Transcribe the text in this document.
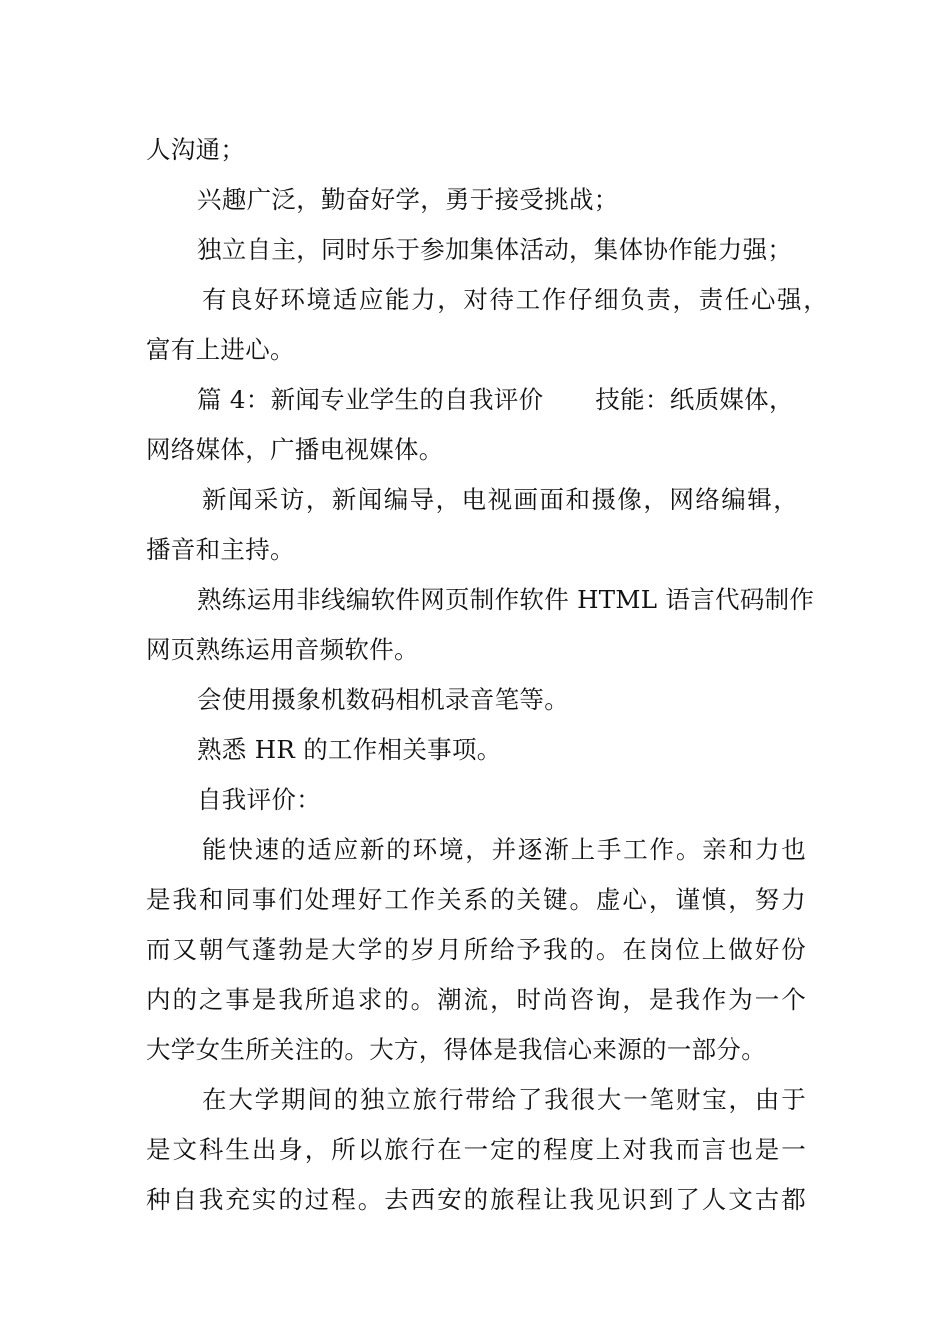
人沟通；
兴趣广泛，勤奋好学，勇于接受挑战；
独立自主，同时乐于参加集体活动，集体协作能力强；
有良好环境适应能力，对待工作仔细负责，责任心强，
富有上进心。
篇 4：新闻专业学生的自我评价 技能：纸质媒体，
网络媒体，广播电视媒体。
新闻采访，新闻编导，电视画面和摄像，网络编辑，
播音和主持。
熟练运用非线编软件网页制作软件 HTML 语言代码制作
网页熟练运用音频软件。
会使用摄象机数码相机录音笔等。
熟悉 HR 的工作相关事项。
自我评价：
能快速的适应新的环境，并逐渐上手工作。亲和力也
是我和同事们处理好工作关系的关键。虚心，谨慎，努力
而又朝气蓬勃是大学的岁月所给予我的。在岗位上做好份
内的之事是我所追求的。潮流，时尚咨询，是我作为一个
大学女生所关注的。大方，得体是我信心来源的一部分。
在大学期间的独立旅行带给了我很大一笔财宝，由于
是文科生出身，所以旅行在一定的程度上对我而言也是一
种自我充实的过程。去西安的旅程让我见识到了人文古都
